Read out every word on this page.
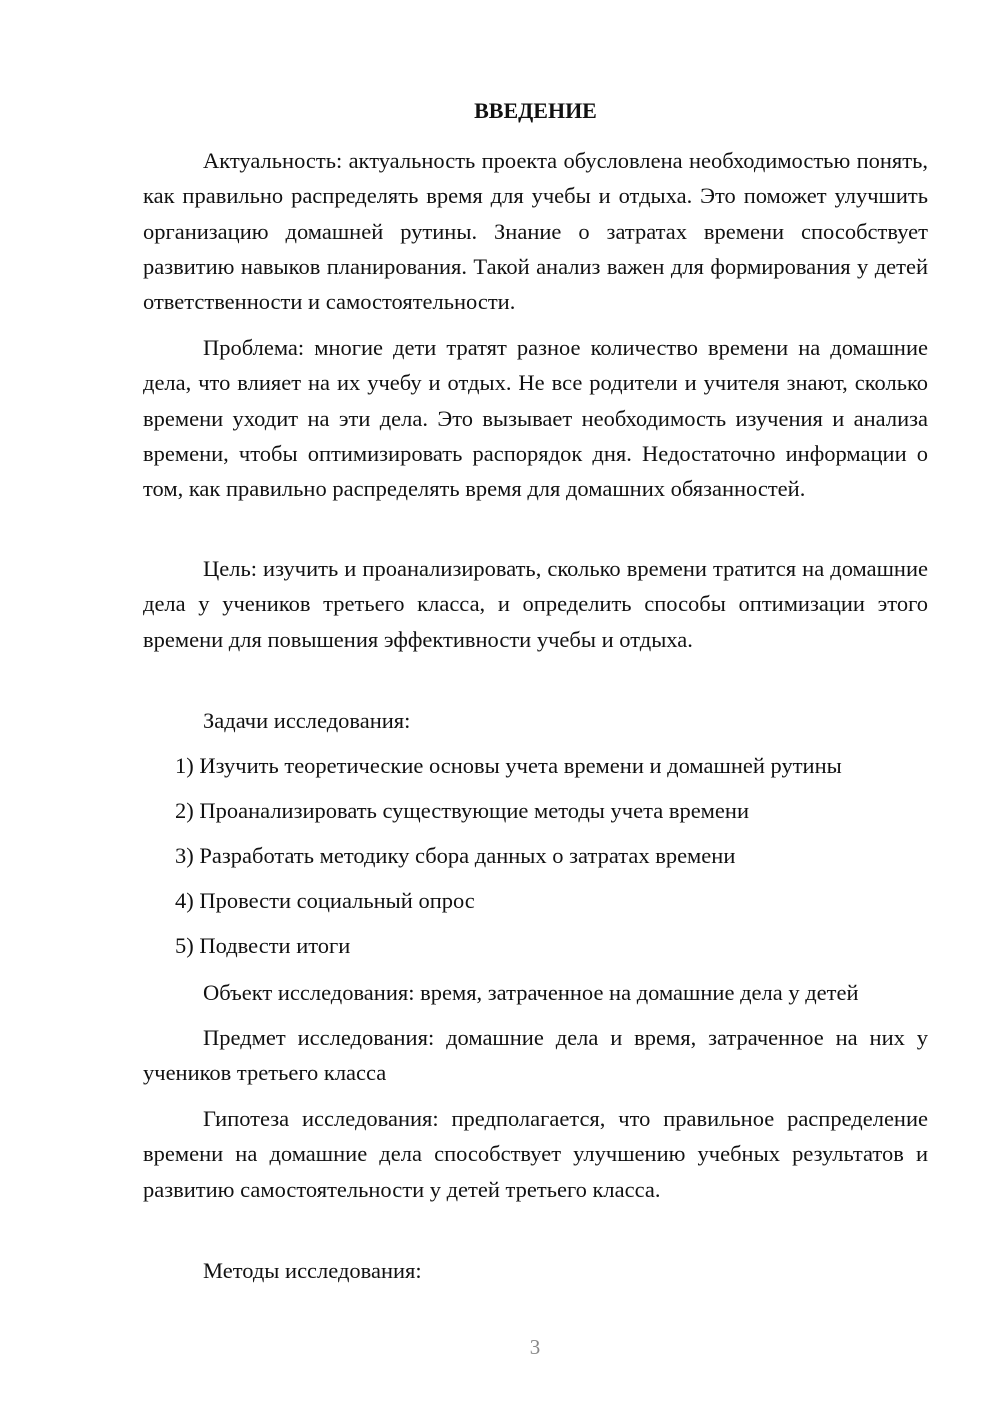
ВВЕДЕНИЕ

Актуальность: актуальность проекта обусловлена необходимостью понять, как правильно распределять время для учебы и отдыха. Это поможет улучшить организацию домашней рутины. Знание о затратах времени способствует развитию навыков планирования. Такой анализ важен для формирования у детей ответственности и самостоятельности.

Проблема: многие дети тратят разное количество времени на домашние дела, что влияет на их учебу и отдых. Не все родители и учителя знают, сколько времени уходит на эти дела. Это вызывает необходимость изучения и анализа времени, чтобы оптимизировать распорядок дня. Недостаточно информации о том, как правильно распределять время для домашних обязанностей.

Цель: изучить и проанализировать, сколько времени тратится на домашние дела у учеников третьего класса, и определить способы оптимизации этого времени для повышения эффективности учебы и отдыха.

Задачи исследования:

1) Изучить теоретические основы учета времени и домашней рутины
2) Проанализировать существующие методы учета времени
3) Разработать методику сбора данных о затратах времени
4) Провести социальный опрос
5) Подвести итоги

Объект исследования: время, затраченное на домашние дела у детей

Предмет исследования: домашние дела и время, затраченное на них у учеников третьего класса

Гипотеза исследования: предполагается, что правильное распределение времени на домашние дела способствует улучшению учебных результатов и развитию самостоятельности у детей третьего класса.

Методы исследования:

3
